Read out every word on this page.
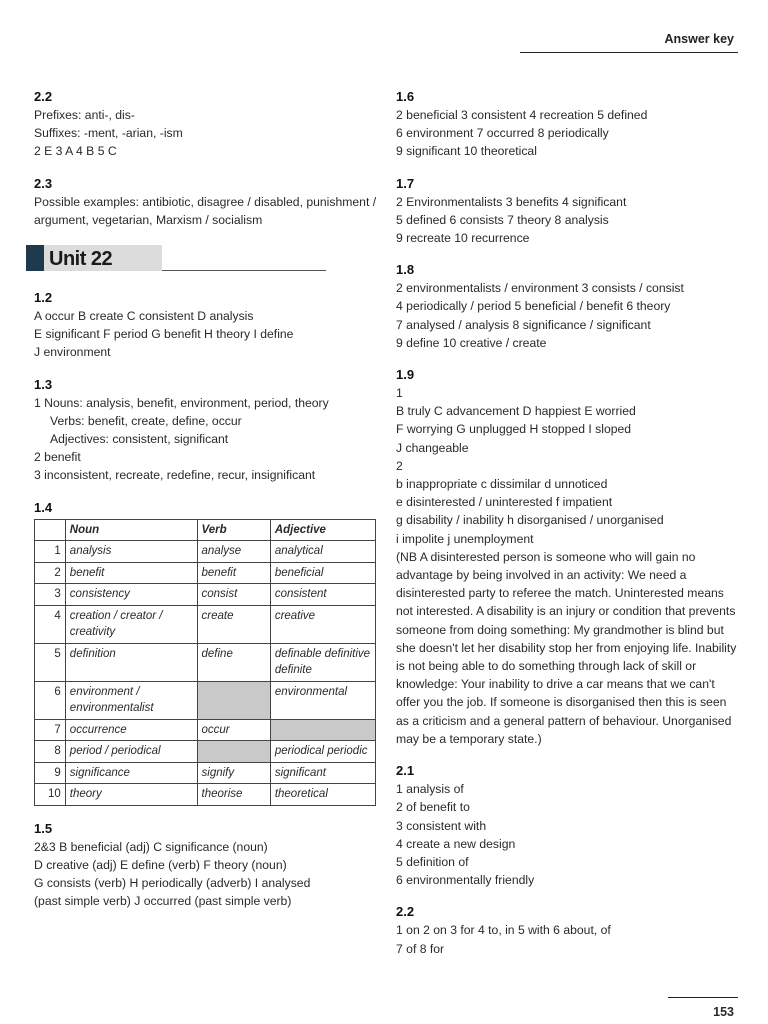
Answer key
2.2
Prefixes: anti-, dis-
Suffixes: -ment, -arian, -ism
2 E 3 A 4 B 5 C
2.3
Possible examples: antibiotic, disagree / disabled, punishment / argument, vegetarian, Marxism / socialism
Unit 22
1.2
A occur B create C consistent D analysis
E significant F period G benefit H theory I define
J environment
1.3
1 Nouns: analysis, benefit, environment, period, theory
Verbs: benefit, create, define, occur
Adjectives: consistent, significant
2 benefit
3 inconsistent, recreate, redefine, recur, insignificant
1.4
	Noun	Verb	Adjective
1	analysis	analyse	analytical
2	benefit	benefit	beneficial
3	consistency	consist	consistent
4	creation / creator / creativity	create	creative
5	definition	define	definable definitive definite
6	environment / environmentalist		environmental
7	occurrence	occur	
8	period / periodical		periodical periodic
9	significance	signify	significant
10	theory	theorise	theoretical
1.5
2&3 B beneficial (adj) C significance (noun)
D creative (adj) E define (verb) F theory (noun)
G consists (verb) H periodically (adverb) I analysed
(past simple verb) J occurred (past simple verb)
1.6
2 beneficial 3 consistent 4 recreation 5 defined
6 environment 7 occurred 8 periodically
9 significant 10 theoretical
1.7
2 Environmentalists 3 benefits 4 significant
5 defined 6 consists 7 theory 8 analysis
9 recreate 10 recurrence
1.8
2 environmentalists / environment 3 consists / consist
4 periodically / period 5 beneficial / benefit 6 theory
7 analysed / analysis 8 significance / significant
9 define 10 creative / create
1.9
1
B truly C advancement D happiest E worried
F worrying G unplugged H stopped I sloped
J changeable
2
b inappropriate c dissimilar d unnoticed
e disinterested / uninterested f impatient
g disability / inability h disorganised / unorganised
i impolite j unemployment
(NB A disinterested person is someone who will gain no advantage by being involved in an activity: We need a disinterested party to referee the match. Uninterested means not interested. A disability is an injury or condition that prevents someone from doing something: My grandmother is blind but she doesn't let her disability stop her from enjoying life. Inability is not being able to do something through lack of skill or knowledge: Your inability to drive a car means that we can't offer you the job. If someone is disorganised then this is seen as a criticism and a general pattern of behaviour. Unorganised may be a temporary state.)
2.1
1 analysis of
2 of benefit to
3 consistent with
4 create a new design
5 definition of
6 environmentally friendly
2.2
1 on 2 on 3 for 4 to, in 5 with 6 about, of
7 of 8 for
153
